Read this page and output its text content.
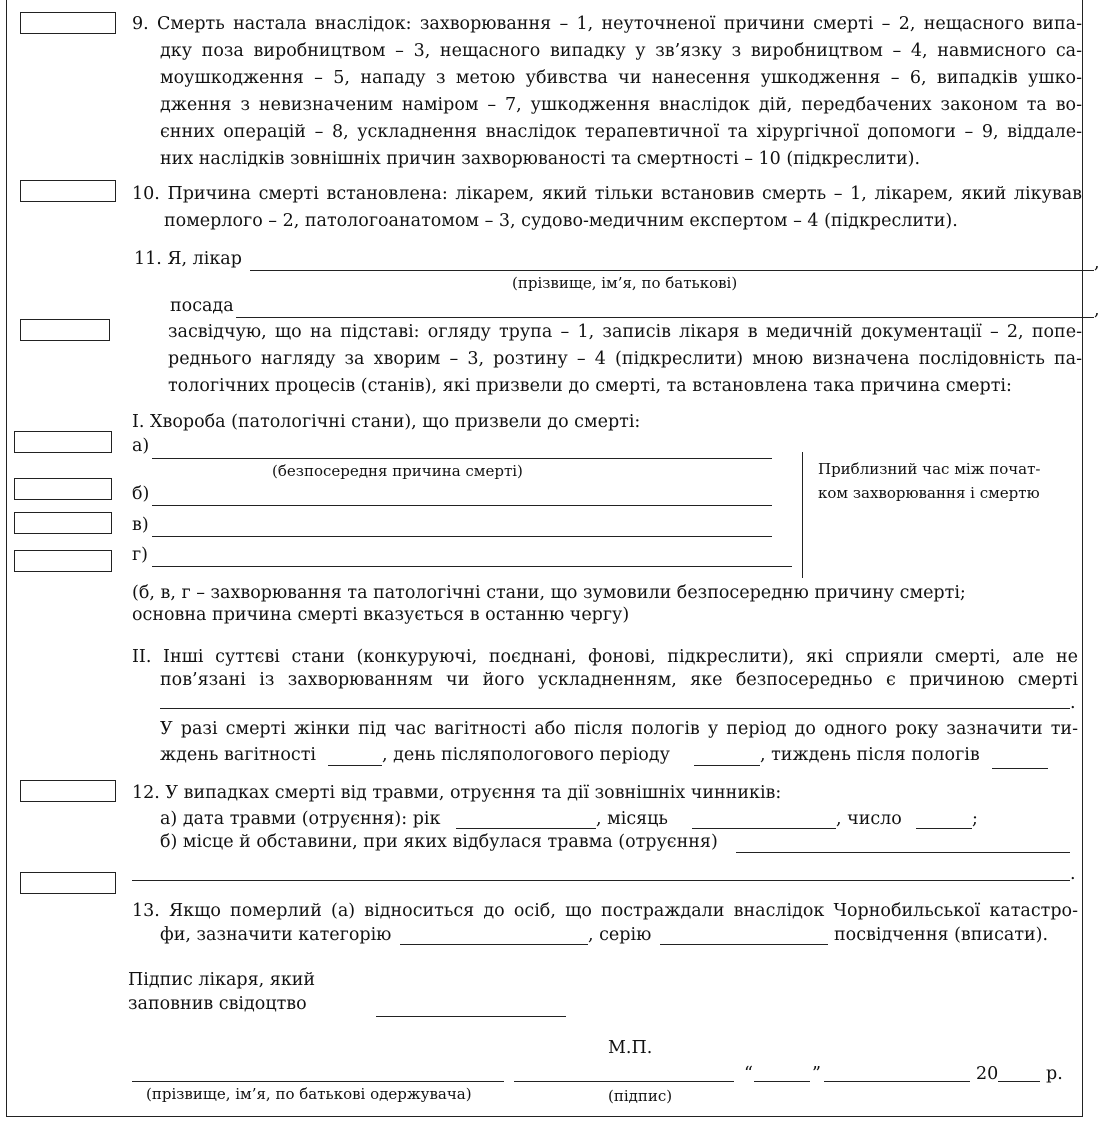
9. Смерть настала внаслідок: захворювання – 1, неуточненої причини смерті – 2, нещасного випа-
дку поза виробництвом – 3, нещасного випадку у зв’язку з виробництвом – 4, навмисного са-
моушкодження – 5, нападу з метою убивства чи нанесення ушкодження – 6, випадків ушко-
дження з невизначеним наміром – 7, ушкодження внаслідок дій, передбачених законом та во-
єнних операцій – 8, ускладнення внаслідок терапевтичної та хірургічної допомоги – 9, віддале-
них наслідків зовнішніх причин захворюваності та смертності – 10 (підкреслити).
10. Причина смерті встановлена: лікарем, який тільки встановив смерть – 1, лікарем, який лікував
померлого – 2, патологоанатомом – 3, судово-медичним експертом – 4 (підкреслити).
11. Я, лікар	,
(прізвище, ім’я, по батькові)
посада	,
засвідчую, що на підставі: огляду трупа – 1, записів лікаря в медичній документації – 2, попе-
реднього нагляду за хворим – 3, розтину – 4 (підкреслити) мною визначена послідовність па-
тологічних процесів (станів), які призвели до смерті, та встановлена така причина смерті:
I. Хвороба (патологічні стани), що призвели до смерті:
а)
(безпосередня причина смерті)
б)
в)
г)
Приблизний час між почат-
ком захворювання і смертю
(б, в, г – захворювання та патологічні стани, що зумовили безпосередню причину смерті;
основна причина смерті вказується в останню чергу)
II. Інші суттєві стани (конкуруючі, поєднані, фонові, підкреслити), які сприяли смерті, але не
пов’язані із захворюванням чи його ускладненням, яке безпосередньо є причиною смерті
.
У разі смерті жінки під час вагітності або після пологів у період до одного року зазначити ти-
ждень вагітності	, день післяпологового періоду	, тиждень після пологів
12. У випадках смерті від травми, отруєння та дії зовнішніх чинників:
а) дата травми (отруєння): рік	, місяць	, число	;
б) місце й обставини, при яких відбулася травма (отруєння)
.
13. Якщо померлий (а) відноситься до осіб, що постраждали внаслідок Чорнобильської катастро-
фи, зазначити категорію	, серію	посвідчення (вписати).
Підпис лікаря, який
заповнив свідоцтво
М.П.
“	”	20	р.
(прізвище, ім’я, по батькові одержувача)	(підпис)
